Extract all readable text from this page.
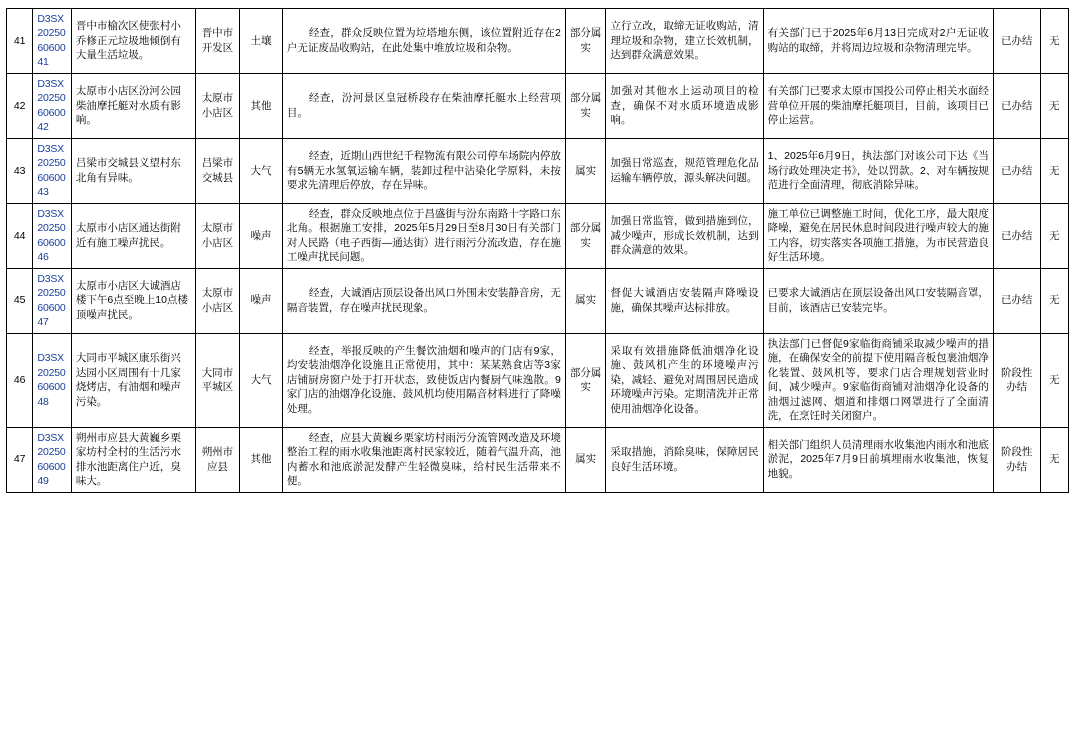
41	D3SX202506060041	晋中市榆次区使张村小乔修正元垃圾地倾倒有大量生活垃圾。	晋中市开发区	土壤	经查，群众反映位置为垃塔地东侧，该位置附近存在2户无证废品收购站，在此处集中堆放垃圾和杂物。	部分属实	立行立改，取缔无证收购站，清理垃圾和杂物，建立长效机制，达到群众满意效果。	有关部门已于2025年6月13日完成对2户无证收购站的取缔，并将周边垃圾和杂物清理完毕。	已办结	无
42	D3SX202506060042	太原市小店区汾河公园柴油摩托艇对水质有影响。	太原市小店区	其他	经查，汾河景区皇冠桥段存在柴油摩托艇水上经营项目。	部分属实	加强对其他水上运动项目的检查，确保不对水质环境造成影响。	有关部门已要求太原市国投公司停止相关水面经营单位开展的柴油摩托艇项目，目前，该项目已停止运营。	已办结	无
43	D3SX202506060043	吕梁市交城县义望村东北角有异味。	吕梁市交城县	大气	经查，近期山西世纪千程物流有限公司停车场院内停放有5辆无水氢氧运输车辆，装卸过程中沾染化学原料，未按要求先清理后停放，存在异味。	属实	加强日常巡查，规范管理危化品运输车辆停放，源头解决问题。	1、2025年6月9日，执法部门对该公司下达《当场行政处理决定书》，处以罚款。2、对车辆按规范进行全面清理，彻底消除异味。	已办结	无
44	D3SX202506060046	太原市小店区通达街附近有施工噪声扰民。	太原市小店区	噪声	经查，群众反映地点位于昌盛街与汾东南路十字路口东北角。根据施工安排，2025年5月29日至8月30日有关部门对人民路（电子西街—通达街）进行雨污分流改造，存在施工噪声扰民问题。	部分属实	加强日常监管，做到措施到位，减少噪声，形成长效机制，达到群众满意的效果。	施工单位已调整施工时间，优化工序，最大限度降噪，避免在居民休息时间段进行噪声较大的施工内容，切实落实各项施工措施，为市民营造良好生活环境。	已办结	无
45	D3SX202506060047	太原市小店区大诚酒店楼下午6点至晚上10点楼顶噪声扰民。	太原市小店区	噪声	经查，大诚酒店顶层设备出风口外围未安装静音房，无隔音装置，存在噪声扰民现象。	属实	督促大诚酒店安装隔声降噪设施，确保其噪声达标排放。	已要求大诚酒店在顶层设备出风口安装隔音罩，目前，该酒店已安装完毕。	已办结	无
46	D3SX202506060048	大同市平城区康乐街兴达园小区周围有十几家烧烤店，有油烟和噪声污染。	大同市平城区	大气	经查，举报反映的产生餐饮油烟和噪声的门店有9家，均安装油烟净化设施且正常使用，其中：某某熟食店等3家店铺厨房窗户处于打开状态，致使饭店内餐厨气味逸散。9家门店的油烟净化设施、鼓风机均使用隔音材料进行了降噪处理。	部分属实	采取有效措施降低油烟净化设施、鼓风机产生的环境噪声污染，减轻、避免对周围居民造成环境噪声污染。定期清洗并正常使用油烟净化设备。	执法部门已督促9家临街商铺采取减少噪声的措施，在确保安全的前提下使用隔音板包裹油烟净化装置、鼓风机等，要求门店合理规划营业时间，减少噪声。9家临街商铺对油烟净化设备的油烟过滤网、烟道和排烟口网罩进行了全面清洗，在烹饪时关闭窗户。	阶段性办结	无
47	D3SX202506060049	朔州市应县大黄巍乡栗家坊村全村的生活污水排水池距离住户近，臭味大。	朔州市应县	其他	经查，应县大黄巍乡栗家坊村雨污分流管网改造及环境整治工程的雨水收集池距离村民家较近，随着气温升高，池内蓄水和池底淤泥发酵产生轻微臭味，给村民生活带来不便。	属实	采取措施，消除臭味，保障居民良好生活环境。	相关部门组织人员清理雨水收集池内雨水和池底淤泥，2025年7月9日前填埋雨水收集池，恢复地貌。	阶段性办结	无
